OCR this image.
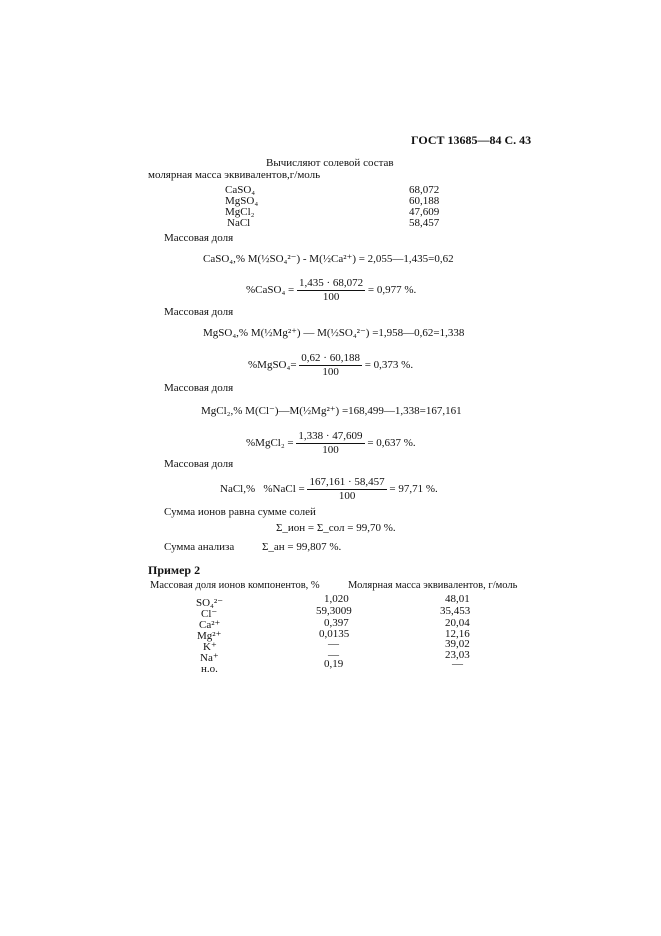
ГОСТ 13685—84 С. 43
Вычисляют солевой состав
молярная масса эквивалентов,г/моль
CaSO₄	68,072
MgSO₄	60,188
MgCl₂	47,609
NaCl	58,457
Массовая доля
CaSO₄,% M(½SO₄²⁻) - M(½Ca²⁺) = 2,055—1,435=0,62
%CaSO₄ = $\frac{1,435 \cdot 68,072}{100} = 0,977$ %.
Массовая доля
MgSO₄,% M(½Mg²⁺) — M(½SO₄²⁻) =1,958—0,62=1,338
%MgSO₄= $\frac{0,62 \cdot 60,188}{100} = 0,373$ %.
Массовая доля
MgCl₂,% M(Cl⁻)—M(½Mg²⁺) =168,499—1,338=167,161
%MgCl₂ = $\frac{1,338 \cdot 47,609}{100} = 0,637$ %.
Массовая доля
NaCl,% %NaCl = $\frac{167,161 \cdot 58,457}{100} = 97,71$ %.
Сумма ионов равна сумме солей
Σ_ион = Σ_сол = 99,70 %.
Сумма анализа	Σ_ан = 99,807 %.
Пример 2
Массовая доля ионов компонентов, %	Молярная масса эквивалентов, г/моль
SO₄²⁻	1,020	48,01
Cl⁻	59,3009	35,453
Ca²⁺	0,397	20,04
Mg²⁺	0,0135	12,16
K⁺	—	39,02
Na⁺	—	23,03
н.о.	0,19	—
